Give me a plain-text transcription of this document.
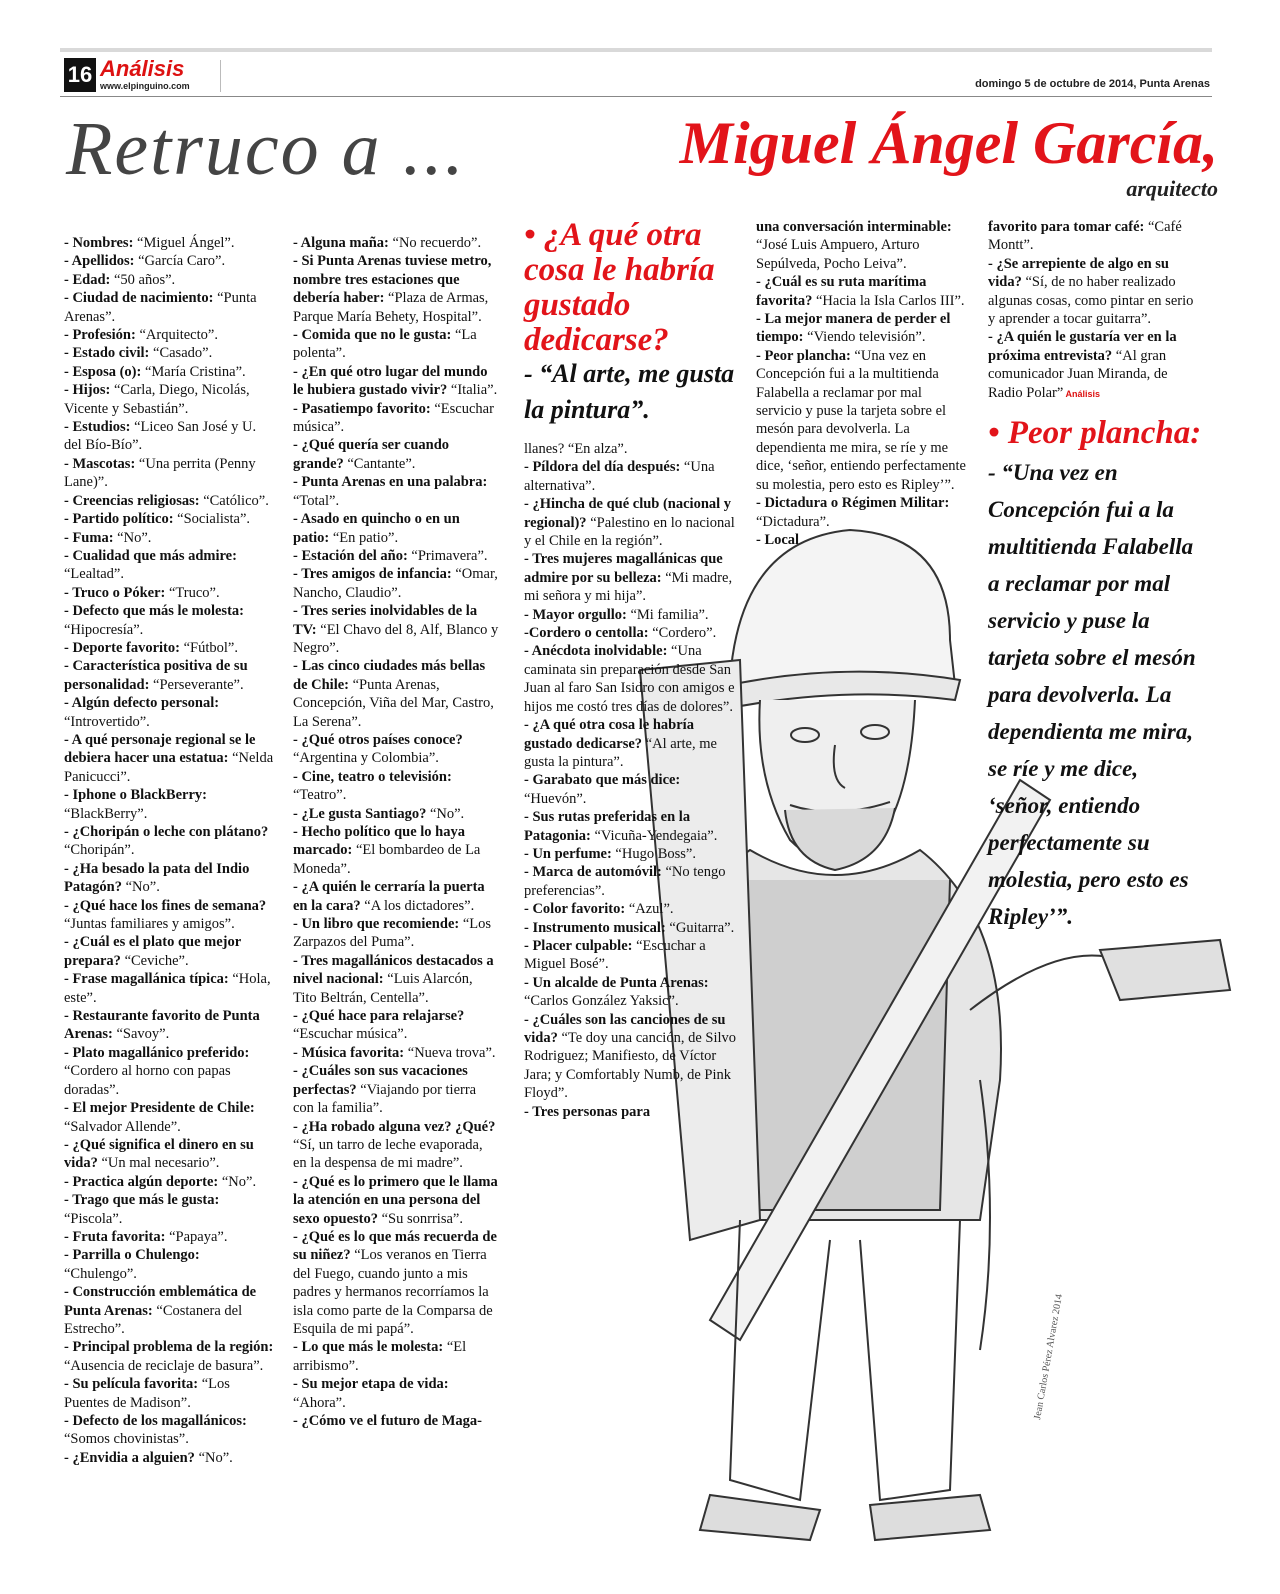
16 Análisis
www.elpinguino.com	domingo 5 de octubre de 2014, Punta Arenas
Retruco a ...	Miguel Ángel García,
arquitecto
Jean Carlos Pérez Alvarez 2014

- Nombres: “Miguel Ángel”.

- Apellidos: “García Caro”.

- Edad: “50 años”.

- Ciudad de nacimiento: “Punta Arenas”.

- Profesión: “Arquitecto”.

- Estado civil: “Casado”.

- Esposa (o): “María Cristina”.

- Hijos: “Carla, Diego, Nicolás, Vicente y Sebastián”.

- Estudios: “Liceo San José y U. del Bío-Bío”.

- Mascotas: “Una perrita (Penny Lane)”.

- Creencias religiosas: “Católico”.

- Partido político: “Socialista”.

- Fuma: “No”.

- Cualidad que más admire: “Lealtad”.

- Truco o Póker: “Truco”.

- Defecto que más le molesta: “Hipocresía”.

- Deporte favorito: “Fútbol”.

- Característica positiva de su personalidad: “Perseverante”.

- Algún defecto personal: “Introvertido”.

- A qué personaje regional se le debiera hacer una estatua: “Nelda Panicucci”.

- Iphone o BlackBerry: “BlackBerry”.

- ¿Choripán o leche con plátano? “Choripán”.

- ¿Ha besado la pata del Indio Patagón? “No”.

- ¿Qué hace los fines de semana? “Juntas familiares y amigos”.

- ¿Cuál es el plato que mejor prepara? “Ceviche”.

- Frase magallánica típica: “Hola, este”.

- Restaurante favorito de Punta Arenas: “Savoy”.

- Plato magallánico preferido: “Cordero al horno con papas doradas”.

- El mejor Presidente de Chile: “Salvador Allende”.

- ¿Qué significa el dinero en su vida? “Un mal necesario”.

- Practica algún deporte: “No”.

- Trago que más le gusta: “Piscola”.

- Fruta favorita: “Papaya”.

- Parrilla o Chulengo: “Chulengo”.

- Construcción emblemática de Punta Arenas: “Costanera del Estrecho”.

- Principal problema de la región: “Ausencia de reciclaje de basura”.

- Su película favorita: “Los Puentes de Madison”.

- Defecto de los magallánicos: “Somos chovinistas”.

- ¿Envidia a alguien? “No”.

- Alguna maña: “No recuerdo”.

- Si Punta Arenas tuviese metro, nombre tres estaciones que debería haber: “Plaza de Armas, Parque María Behety, Hospital”.

- Comida que no le gusta: “La polenta”.

- ¿En qué otro lugar del mundo le hubiera gustado vivir? “Italia”.

- Pasatiempo favorito: “Escuchar música”.

- ¿Qué quería ser cuando grande? “Cantante”.

- Punta Arenas en una palabra: “Total”.

- Asado en quincho o en un patio: “En patio”.

- Estación del año: “Primavera”.

- Tres amigos de infancia: “Omar, Nancho, Claudio”.

- Tres series inolvidables de la TV: “El Chavo del 8, Alf, Blanco y Negro”.

- Las cinco ciudades más bellas de Chile: “Punta Arenas, Concepción, Viña del Mar, Castro, La Serena”.

- ¿Qué otros países conoce? “Argentina y Colombia”.

- Cine, teatro o televisión: “Teatro”.

- ¿Le gusta Santiago? “No”.

- Hecho político que lo haya marcado: “El bombardeo de La Moneda”.

- ¿A quién le cerraría la puerta en la cara? “A los dictadores”.

- Un libro que recomiende: “Los Zarpazos del Puma”.

- Tres magallánicos destacados a nivel nacional: “Luis Alarcón, Tito Beltrán, Centella”.

- ¿Qué hace para relajarse? “Escuchar música”.

- Música favorita: “Nueva trova”.

- ¿Cuáles son sus vacaciones perfectas? “Viajando por tierra con la familia”.

- ¿Ha robado alguna vez? ¿Qué? “Sí, un tarro de leche evaporada, en la despensa de mi madre”.

- ¿Qué es lo primero que le llama la atención en una persona del sexo opuesto? “Su sonrrisa”.

- ¿Qué es lo que más recuerda de su niñez? “Los veranos en Tierra del Fuego, cuando junto a mis padres y hermanos recorríamos la isla como parte de la Comparsa de Esquila de mi papá”.

- Lo que más le molesta: “El arribismo”.

- Su mejor etapa de vida: “Ahora”.

- ¿Cómo ve el futuro de Maga-

• ¿A qué otra cosa le habría gustado dedicarse?
- “Al arte, me gusta la pintura”.

llanes? “En alza”.

- Píldora del día después: “Una alternativa”.

- ¿Hincha de qué club (nacional y regional)? “Palestino en lo nacional y el Chile en la región”.

- Tres mujeres magallánicas que admire por su belleza: “Mi madre, mi señora y mi hija”.

- Mayor orgullo: “Mi familia”.

-Cordero o centolla: “Cordero”.

- Anécdota inolvidable: “Una caminata sin preparación desde San Juan al faro San Isidro con amigos e hijos me costó tres días de dolores”.

- ¿A qué otra cosa le habría gustado dedicarse? “Al arte, me gusta la pintura”.

- Garabato que más dice: “Huevón”.

- Sus rutas preferidas en la Patagonia: “Vicuña-Yendegaia”.

- Un perfume: “Hugo Boss”.

- Marca de automóvil: “No tengo preferencias”.

- Color favorito: “Azul”.

- Instrumento musical: “Guitarra”.

- Placer culpable: “Escuchar a Miguel Bosé”.

- Un alcalde de Punta Arenas: “Carlos González Yaksic”.

- ¿Cuáles son las canciones de su vida? “Te doy una canción, de Silvo Rodriguez; Manifiesto, de Víctor Jara; y Comfortably Numb, de Pink Floyd”.

- Tres personas para

una conversación interminable: “José Luis Ampuero, Arturo Sepúlveda, Pocho Leiva”.

- ¿Cuál es su ruta marítima favorita? “Hacia la Isla Carlos III”.

- La mejor manera de perder el tiempo: “Viendo televisión”.

- Peor plancha: “Una vez en Concepción fui a la multitienda Falabella a reclamar por mal servicio y puse la tarjeta sobre el mesón para devolverla. La dependienta me mira, se ríe y me dice, ‘señor, entiendo perfectamente su molestia, pero esto es Ripley’”.

- Dictadura o Régimen Militar: “Dictadura”.

- Local

favorito para tomar café: “Café Montt”.

- ¿Se arrepiente de algo en su vida? “Sí, de no haber realizado algunas cosas, como pintar en serio y aprender a tocar guitarra”.

- ¿A quién le gustaría ver en la próxima entrevista? “Al gran comunicador Juan Miranda, de Radio Polar” Análisis

• Peor plancha:
- “Una vez en Concepción fui a la multitienda Falabella a reclamar por mal servicio y puse la tarjeta sobre el mesón para devolverla. La dependienta me mira, se ríe y me dice, ‘señor, entiendo perfectamente su molestia, pero esto es Ripley’”.
